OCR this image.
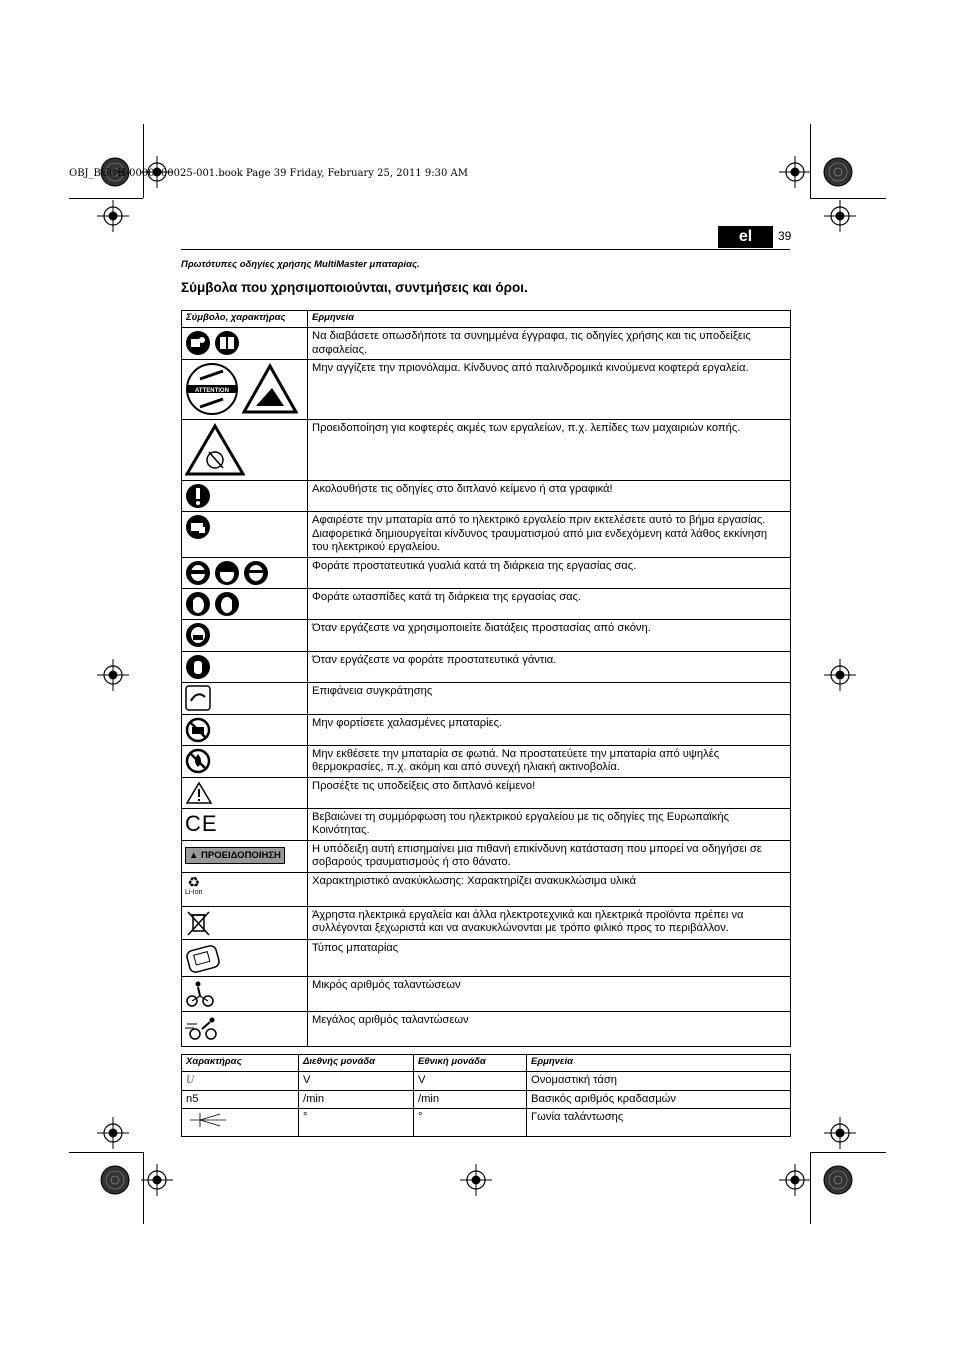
OBJ_BUCH-0000000025-001.book Page 39 Friday, February 25, 2011 9:30 AM
el	39
Πρωτότυπες οδηγίες χρήσης MultiMaster μπαταρίας.
Σύμβολα που χρησιμοποιούνται, συντμήσεις και όροι.
Σύμβολο, χαρακτήρας	Ερμηνεία
	Να διαβάσετε οπωσδήποτε τα συνημμένα έγγραφα, τις οδηγίες χρήσης και τις υποδείξεις ασφαλείας.

ATTENTION	Μην αγγίζετε την πριονόλαμα. Κίνδυνος από παλινδρομικά κινούμενα κοφτερά εργαλεία.
	Προειδοποίηση για κοφτερές ακμές των εργαλείων, π.χ. λεπίδες των μαχαιριών κοπής.
	Ακολουθήστε τις οδηγίες στο διπλανό κείμενο ή στα γραφικά!
	Αφαιρέστε την μπαταρία από το ηλεκτρικό εργαλείο πριν εκτελέσετε αυτό το βήμα εργασίας. Διαφορετικά δημιουργείται κίνδυνος τραυματισμού από μια ενδεχόμενη κατά λάθος εκκίνηση του ηλεκτρικού εργαλείου.
	Φοράτε προστατευτικά γυαλιά κατά τη διάρκεια της εργασίας σας.
	Φοράτε ωτασπίδες κατά τη διάρκεια της εργασίας σας.
	Όταν εργάζεστε να χρησιμοποιείτε διατάξεις προστασίας από σκόνη.
	Όταν εργάζεστε να φοράτε προστατευτικά γάντια.
	Επιφάνεια συγκράτησης
	Μην φορτίσετε χαλασμένες μπαταρίες.
	Μην εκθέσετε την μπαταρία σε φωτιά. Να προστατεύετε την μπαταρία από υψηλές θερμοκρασίες, π.χ. ακόμη και από συνεχή ηλιακή ακτινοβολία.
	Προσέξτε τις υποδείξεις στο διπλανό κείμενο!
CE	Βεβαιώνει τη συμμόρφωση του ηλεκτρικού εργαλείου με τις οδηγίες της Ευρωπαϊκής Κοινότητας.
▲ ΠΡΟΕΙΔΟΠΟΙΗΣΗ	Η υπόδειξη αυτή επισημαίνει μια πιθανή επικίνδυνη κατάσταση που μπορεί να οδηγήσει σε σοβαρούς τραυματισμούς ή στο θάνατο.

♻
Li-Ion	Χαρακτηριστικό ανακύκλωσης: Χαρακτηρίζει ανακυκλώσιμα υλικά
	Άχρηστα ηλεκτρικά εργαλεία και άλλα ηλεκτροτεχνικά και ηλεκτρικά προϊόντα πρέπει να συλλέγονται ξεχωριστά και να ανακυκλώνονται με τρόπο φιλικό προς το περιβάλλον.
	Τύπος μπαταρίας
	Μικρός αριθμός ταλαντώσεων
	Μεγάλος αριθμός ταλαντώσεων
Χαρακτήρας	Διεθνής μονάδα	Εθνική μονάδα	Ερμηνεία
U	V	V	Ονομαστική τάση
n5	/min	/min	Βασικός αριθμός κραδασμών
	°	°	Γωνία ταλάντωσης
